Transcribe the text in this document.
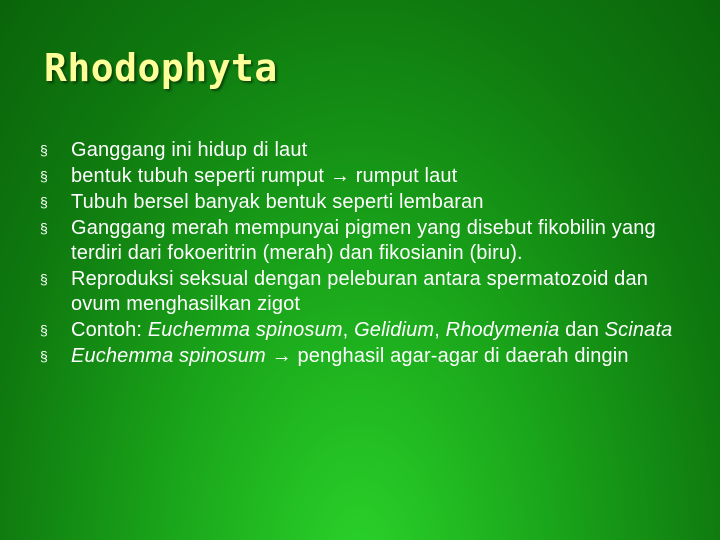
Rhodophyta
§	Ganggang ini hidup di laut
§	bentuk tubuh seperti rumput → rumput laut
§	Tubuh bersel banyak bentuk seperti lembaran
§	Ganggang merah mempunyai pigmen yang disebut fikobilin yang terdiri dari fokoeritrin (merah) dan fikosianin (biru).
§	Reproduksi seksual dengan peleburan antara spermatozoid dan ovum menghasilkan zigot
§	Contoh: Euchemma spinosum, Gelidium, Rhodymenia dan Scinata
§	Euchemma spinosum → penghasil agar-agar di daerah dingin
